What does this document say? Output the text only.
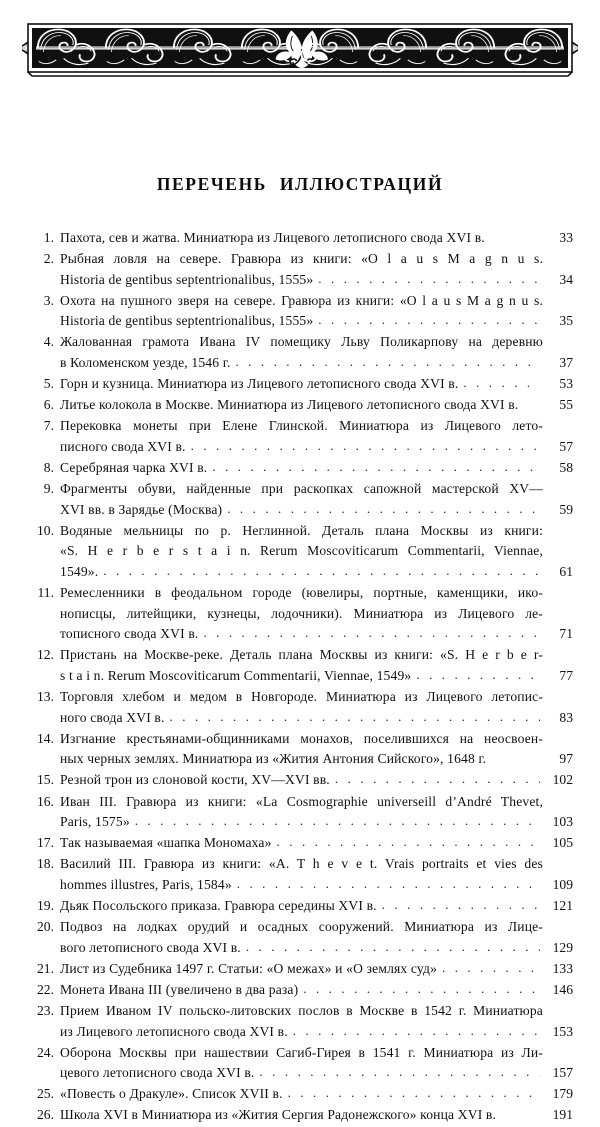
ПЕРЕЧЕНЬ ИЛЛЮСТРАЦИЙ
1. Пахота, сев и жатва. Миниатюра из Лицевого летописного свода XVI в.	33
2. Рыбная ловля на севере. Гравюра из книги: «O l a u s M a g n u s.
Historia de gentibus septentrionalibus, 1555» . . .	34
3. Охота на пушного зверя на севере. Гравюра из книги: «O l a u s M a g n u s.
Historia de gentibus septentrionalibus, 1555» . . .	35
4. Жалованная грамота Ивана IV помещику Льву Поликарпову на деревню
в Коломенском уезде, 1546 г. . . .	37
5. Горн и кузница. Миниатюра из Лицевого летописного свода XVI в. . . .	53
6. Литье колокола в Москве. Миниатюра из Лицевого летописного свода XVI в.	55
7. Перековка монеты при Елене Глинской. Миниатюра из Лицевого лето-
писного свода XVI в. . . .	57
8. Серебряная чарка XVI в. . . .	58
9. Фрагменты обуви, найденные при раскопках сапожной мастерской XV—
XVI вв. в Зарядье (Москва) . . .	59
10. Водяные мельницы по р. Неглинной. Деталь плана Москвы из книги:
«S. H e r b e r s t a i n. Rerum Moscoviticarum Commentarii, Viennae,
1549». . . .	61
11. Ремесленники в феодальном городе (ювелиры, портные, каменщики, ико-
нописцы, литейщики, кузнецы, лодочники). Миниатюра из Лицевого ле-
тописного свода XVI в. . . .	71
12. Пристань на Москве-реке. Деталь плана Москвы из книги: «S. H e r b e r-
s t a i n. Rerum Moscoviticarum Commentarii, Viennae, 1549» . . .	77
13. Торговля хлебом и медом в Новгороде. Миниатюра из Лицевого летопис-
ного свода XVI в. . . .	83
14. Изгнание крестьянами-общинниками монахов, поселившихся на неосвоен-
ных черных землях. Миниатюра из «Жития Антония Сийского», 1648 г.	97
15. Резной трон из слоновой кости, XV—XVI вв. . . .	102
16. Иван III. Гравюра из книги: «La Cosmographie universeill d’André Thevet,
Paris, 1575» . . .	103
17. Так называемая «шапка Мономаха» . . .	105
18. Василий III. Гравюра из книги: «A. T h e v e t. Vrais portraits et vies des
hommes illustres, Paris, 1584» . . .	109
19. Дьяк Посольского приказа. Гравюра середины XVI в. . . .	121
20. Подвоз на лодках орудий и осадных сооружений. Миниатюра из Лице-
вого летописного свода XVI в. . . .	129
21. Лист из Судебника 1497 г. Статьи: «О межах» и «О землях суд» . . .	133
22. Монета Ивана III (увеличено в два раза) . . .	146
23. Прием Иваном IV польско-литовских послов в Москве в 1542 г. Миниатюра
из Лицевого летописного свода XVI в. . . .	153
24. Оборона Москвы при нашествии Сагиб-Гирея в 1541 г. Миниатюра из Ли-
цевого летописного свода XVI в. . . .	157
25. «Повесть о Дракуле». Список XVII в. . . .	179
26. Школа XVI в Миниатюра из «Жития Сергия Радонежского» конца XVI в.	191
